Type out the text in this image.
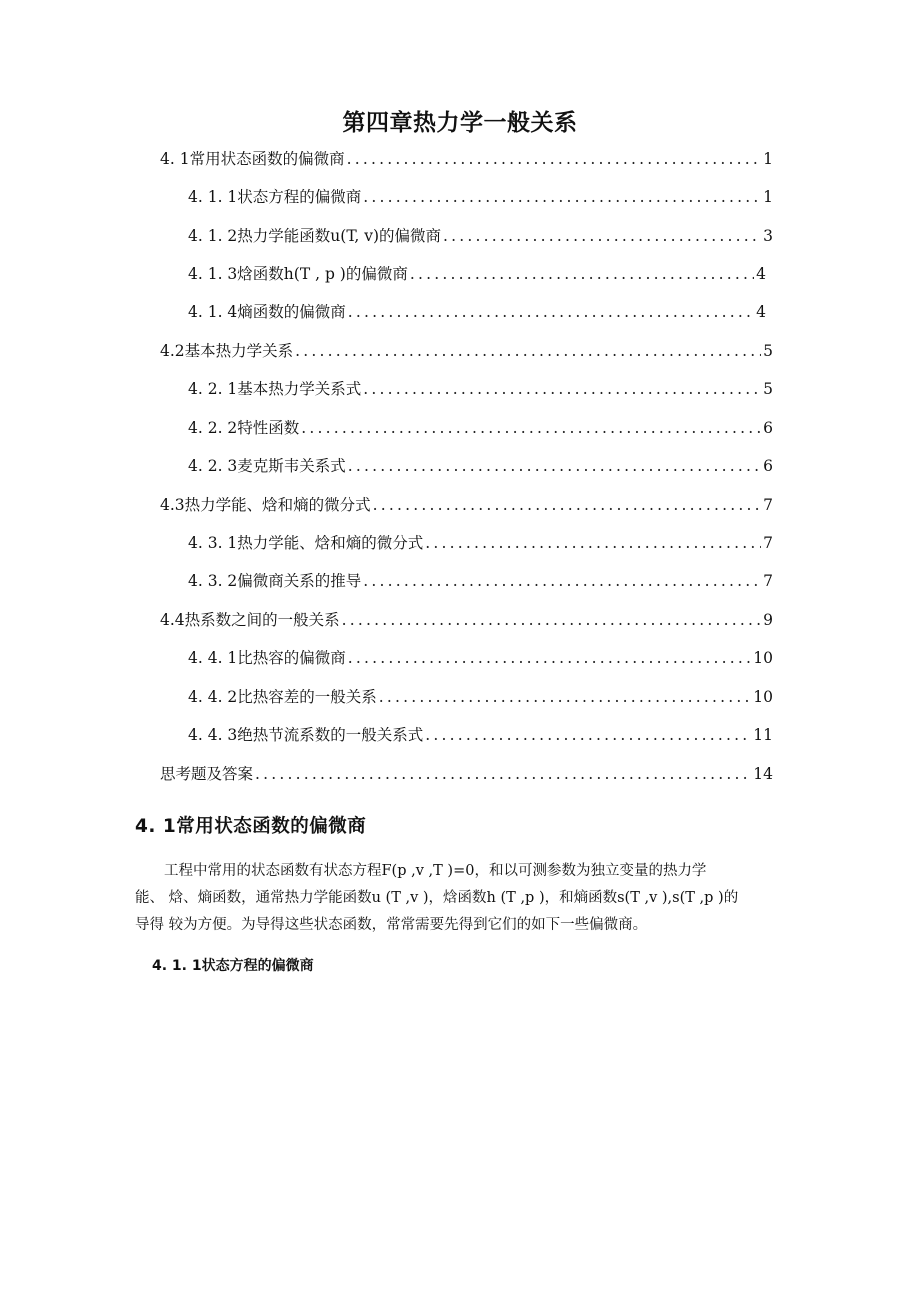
第四章热力学一般关系
4. 1常用状态函数的偏微商 .....	1
4. 1. 1状态方程的偏微商 .....	1
4. 1. 2热力学能函数u(T, v)的偏微商 .....	3
4. 1. 3焓函数h(T , p )的偏微商 .....	4
4. 1. 4熵函数的偏微商 .....	4
4.2基本热力学关系 .....	5
4. 2. 1基本热力学关系式 .....	5
4. 2. 2特性函数 .....	6
4. 2. 3麦克斯韦关系式 .....	6
4.3热力学能、焓和熵的微分式 .....	7
4. 3. 1热力学能、焓和熵的微分式 .....	7
4. 3. 2偏微商关系的推导 .....	7
4.4热系数之间的一般关系 .....	9
4. 4. 1比热容的偏微商 .....	10
4. 4. 2比热容差的一般关系 .....	10
4. 4. 3绝热节流系数的一般关系式 .....	11
思考题及答案 .....	14
4. 1常用状态函数的偏微商

工程中常用的状态函数有状态方程F(p ,v ,T )=0，和以可测参数为独立变量的热力学
能、 焓、熵函数，通常热力学能函数u (T ,v )，焓函数h (T ,p )，和熵函数s(T ,v ),s(T ,p )的
导得 较为方便。为导得这些状态函数，常常需要先得到它们的如下一些偏微商。

4. 1. 1状态方程的偏微商
